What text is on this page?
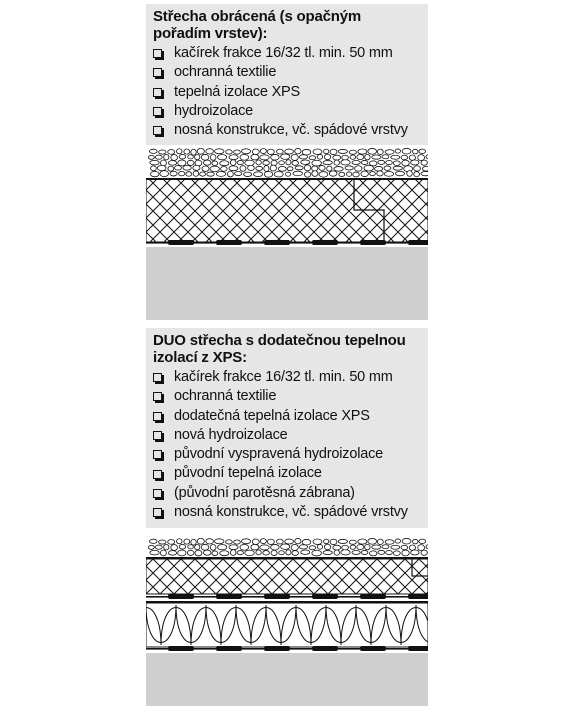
Střecha obrácená (s opačným pořadím vrstev):
kačírek frakce 16/32 tl. min. 50 mm
ochranná textilie
tepelná izolace XPS
hydroizolace
nosná konstrukce, vč. spádové vrstvy
DUO střecha s dodatečnou tepelnou izolací z XPS:
kačírek frakce 16/32 tl. min. 50 mm
ochranná textilie
dodatečná tepelná izolace XPS
nová hydroizolace
původní vyspravená hydroizolace
původní tepelná izolace
(původní parotěsná zábrana)
nosná konstrukce, vč. spádové vrstvy
